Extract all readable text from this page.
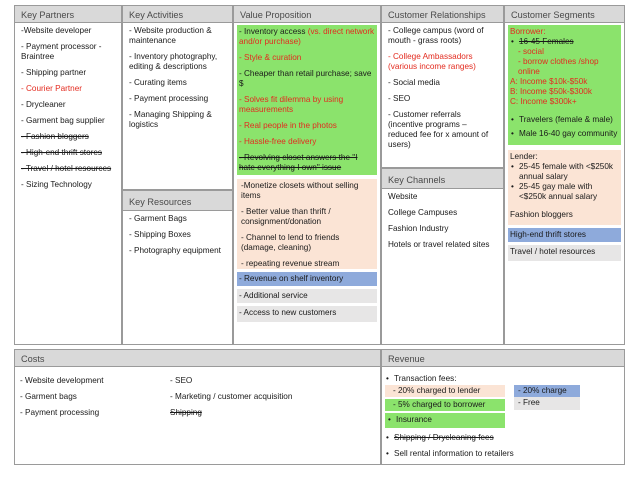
Key Partners
-Website developer
- Payment processor - Braintree
- Shipping partner
- Courier Partner
- Drycleaner
- Garment bag supplier
- Fashion bloggers
- High-end thrift stores
- Travel / hotel resources
- Sizing Technology
Key Activities
- Website production & maintenance
- Inventory photography, editing & descriptions
- Curating items
- Payment processing
- Managing Shipping & logistics
Key Resources
- Garment Bags
- Shipping Boxes
- Photography equipment
Value Proposition
- Inventory access (vs. direct network and/or purchase)
- Style & curation
- Cheaper than retail purchase; save $
- Solves fit dilemma by using measurements
- Real people in the photos
- Hassle-free delivery
- Revolving closet answers the "I hate everything I own" issue
-Monetize closets without selling items
- Better value than thrift / consignment/donation
- Channel to lend to friends (damage, cleaning)
- repeating revenue stream
- Revenue on shelf inventory
- Additional service
- Access to new customers
Customer Relationships
- College campus (word of mouth - grass roots)
- College Ambassadors (various income ranges)
- Social media
- SEO
- Customer referrals (incentive programs – reduced fee for x amount of users)
Key Channels
Website
College Campuses
Fashion Industry
Hotels or travel related sites
Customer Segments
Borrower:
• 16-45 Females
- social
- borrow clothes /shop online
A: Income $10k-$50k
B: Income $50k-$300k
C: Income $300k+
• Travelers (female & male)
• Male 16-40 gay community
Lender:
• 25-45 female with <$250k annual salary
• 25-45 gay male with <$250k annual salary
Fashion bloggers
High-end thrift stores
Travel / hotel resources
Costs
- Website development
- Garment bags
- Payment processing
- SEO
- Marketing / customer acquisition
Shipping
Revenue
• Transaction fees:
- 20% charged to lender
- 5% charged to borrower
• Insurance
• Shipping / Drycleaning fees
• Sell rental information to retailers
- 20% charge
- Free
